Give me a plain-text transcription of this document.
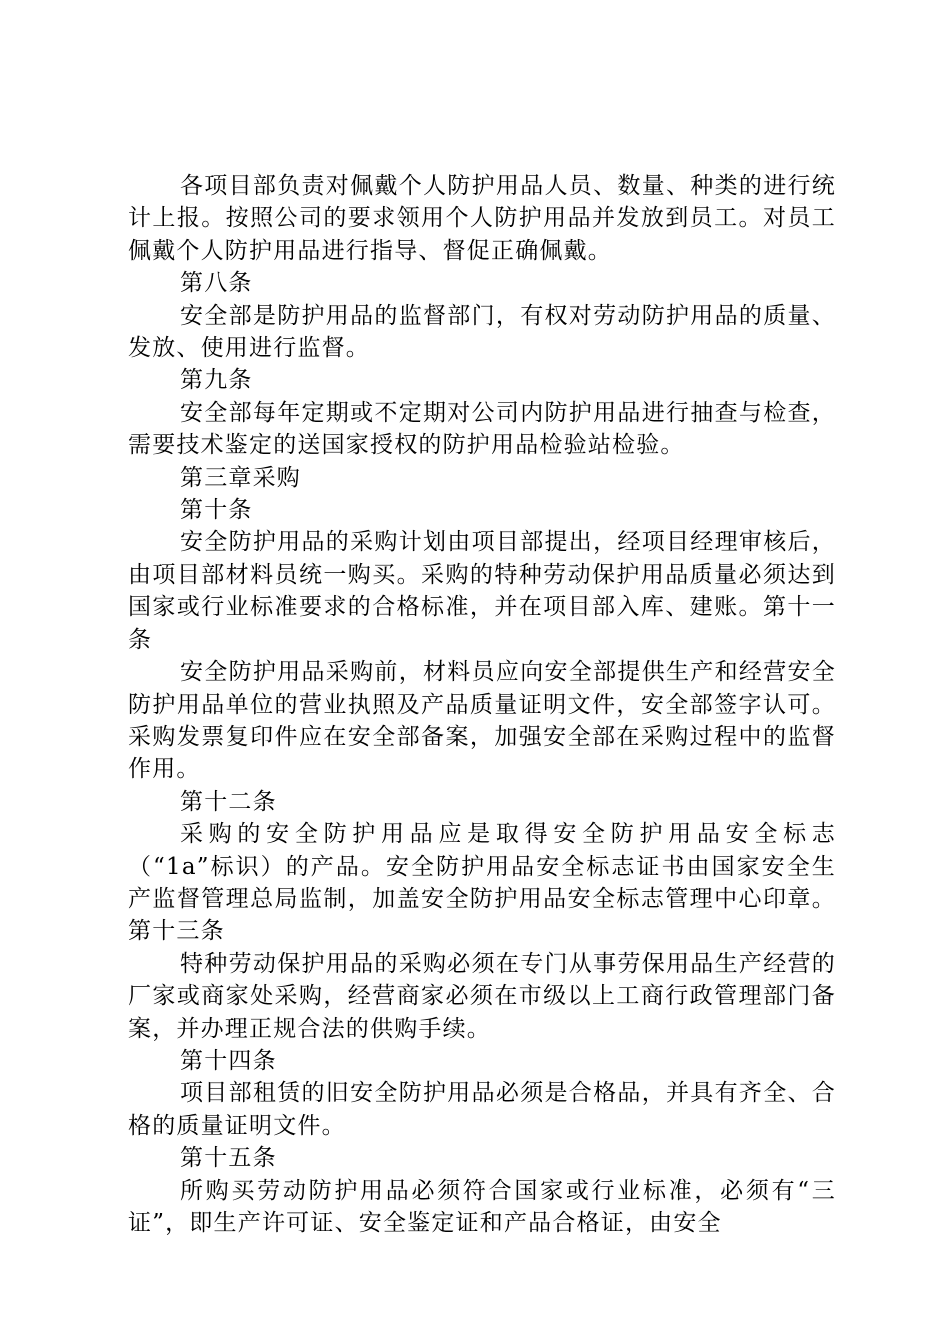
各项目部负责对佩戴个人防护用品人员、数量、种类的进行统计上报。按照公司的要求领用个人防护用品并发放到员工。对员工佩戴个人防护用品进行指导、督促正确佩戴。

第八条

安全部是防护用品的监督部门，有权对劳动防护用品的质量、发放、使用进行监督。

第九条

安全部每年定期或不定期对公司内防护用品进行抽查与检查，需要技术鉴定的送国家授权的防护用品检验站检验。

第三章采购

第十条

安全防护用品的采购计划由项目部提出，经项目经理审核后，由项目部材料员统一购买。采购的特种劳动保护用品质量必须达到国家或行业标准要求的合格标准，并在项目部入库、建账。第十一条

安全防护用品采购前，材料员应向安全部提供生产和经营安全防护用品单位的营业执照及产品质量证明文件，安全部签字认可。采购发票复印件应在安全部备案，加强安全部在采购过程中的监督作用。

第十二条

采购的安全防护用品应是取得安全防护用品安全标志（“1a”标识）的产品。安全防护用品安全标志证书由国家安全生产监督管理总局监制，加盖安全防护用品安全标志管理中心印章。第十三条

特种劳动保护用品的采购必须在专门从事劳保用品生产经营的厂家或商家处采购，经营商家必须在市级以上工商行政管理部门备案，并办理正规合法的供购手续。

第十四条

项目部租赁的旧安全防护用品必须是合格品，并具有齐全、合格的质量证明文件。

第十五条

所购买劳动防护用品必须符合国家或行业标准，必须有“三证”，即生产许可证、安全鉴定证和产品合格证，由安全
